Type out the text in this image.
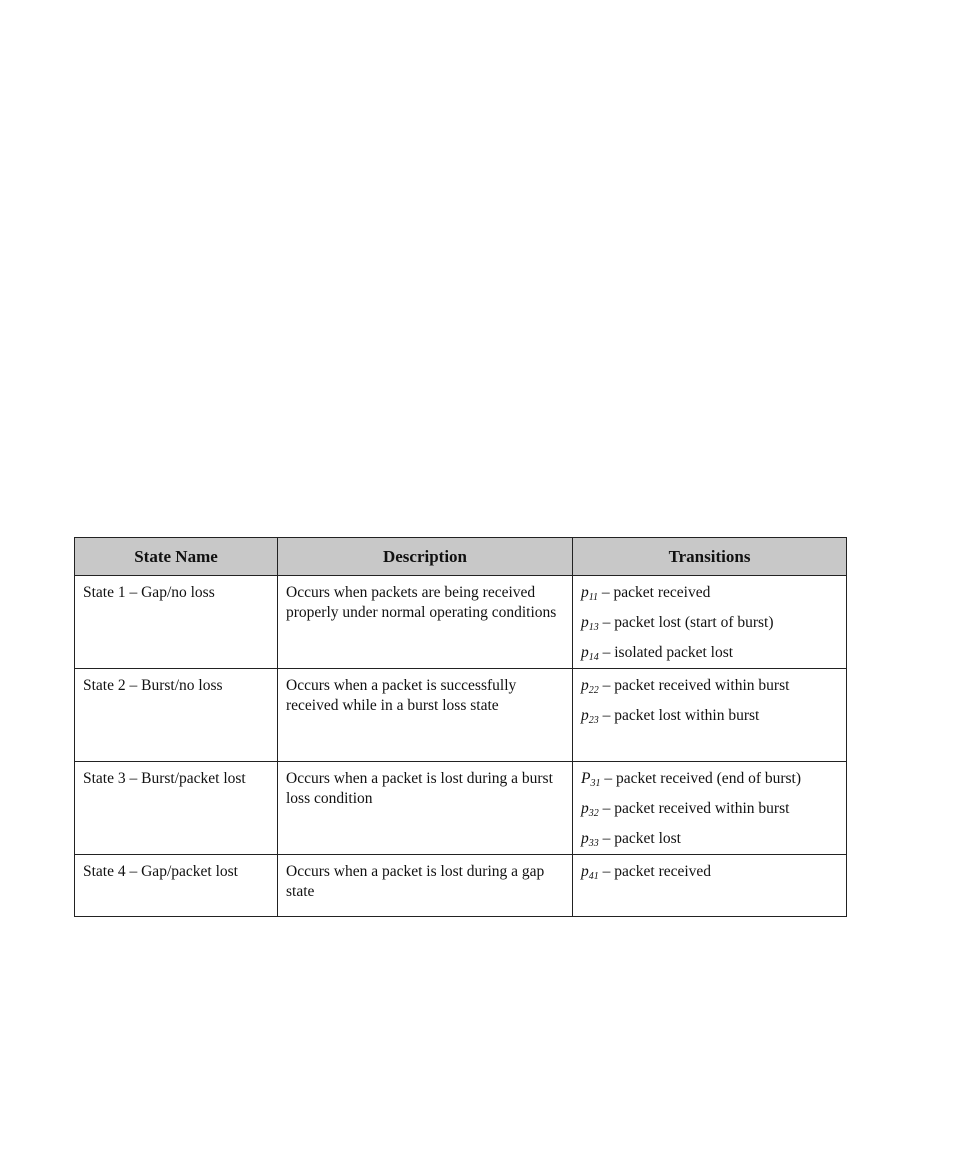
State Name	Description	Transitions
State 1 – Gap/no loss	Occurs when packets are being received properly under normal operating conditions	$p_{11}$ – packet received
$p_{13}$ – packet lost (start of burst)
$p_{14}$ – isolated packet lost

State 2 – Burst/no loss	Occurs when a packet is successfully received while in a burst loss state	$p_{22}$ – packet received within burst
$p_{23}$ – packet lost within burst

State 3 – Burst/packet lost	Occurs when a packet is lost during a burst loss condition	$P_{31}$ – packet received (end of burst)
$p_{32}$ – packet received within burst
$p_{33}$ – packet lost

State 4 – Gap/packet lost	Occurs when a packet is lost during a gap state	$p_{41}$ – packet received
